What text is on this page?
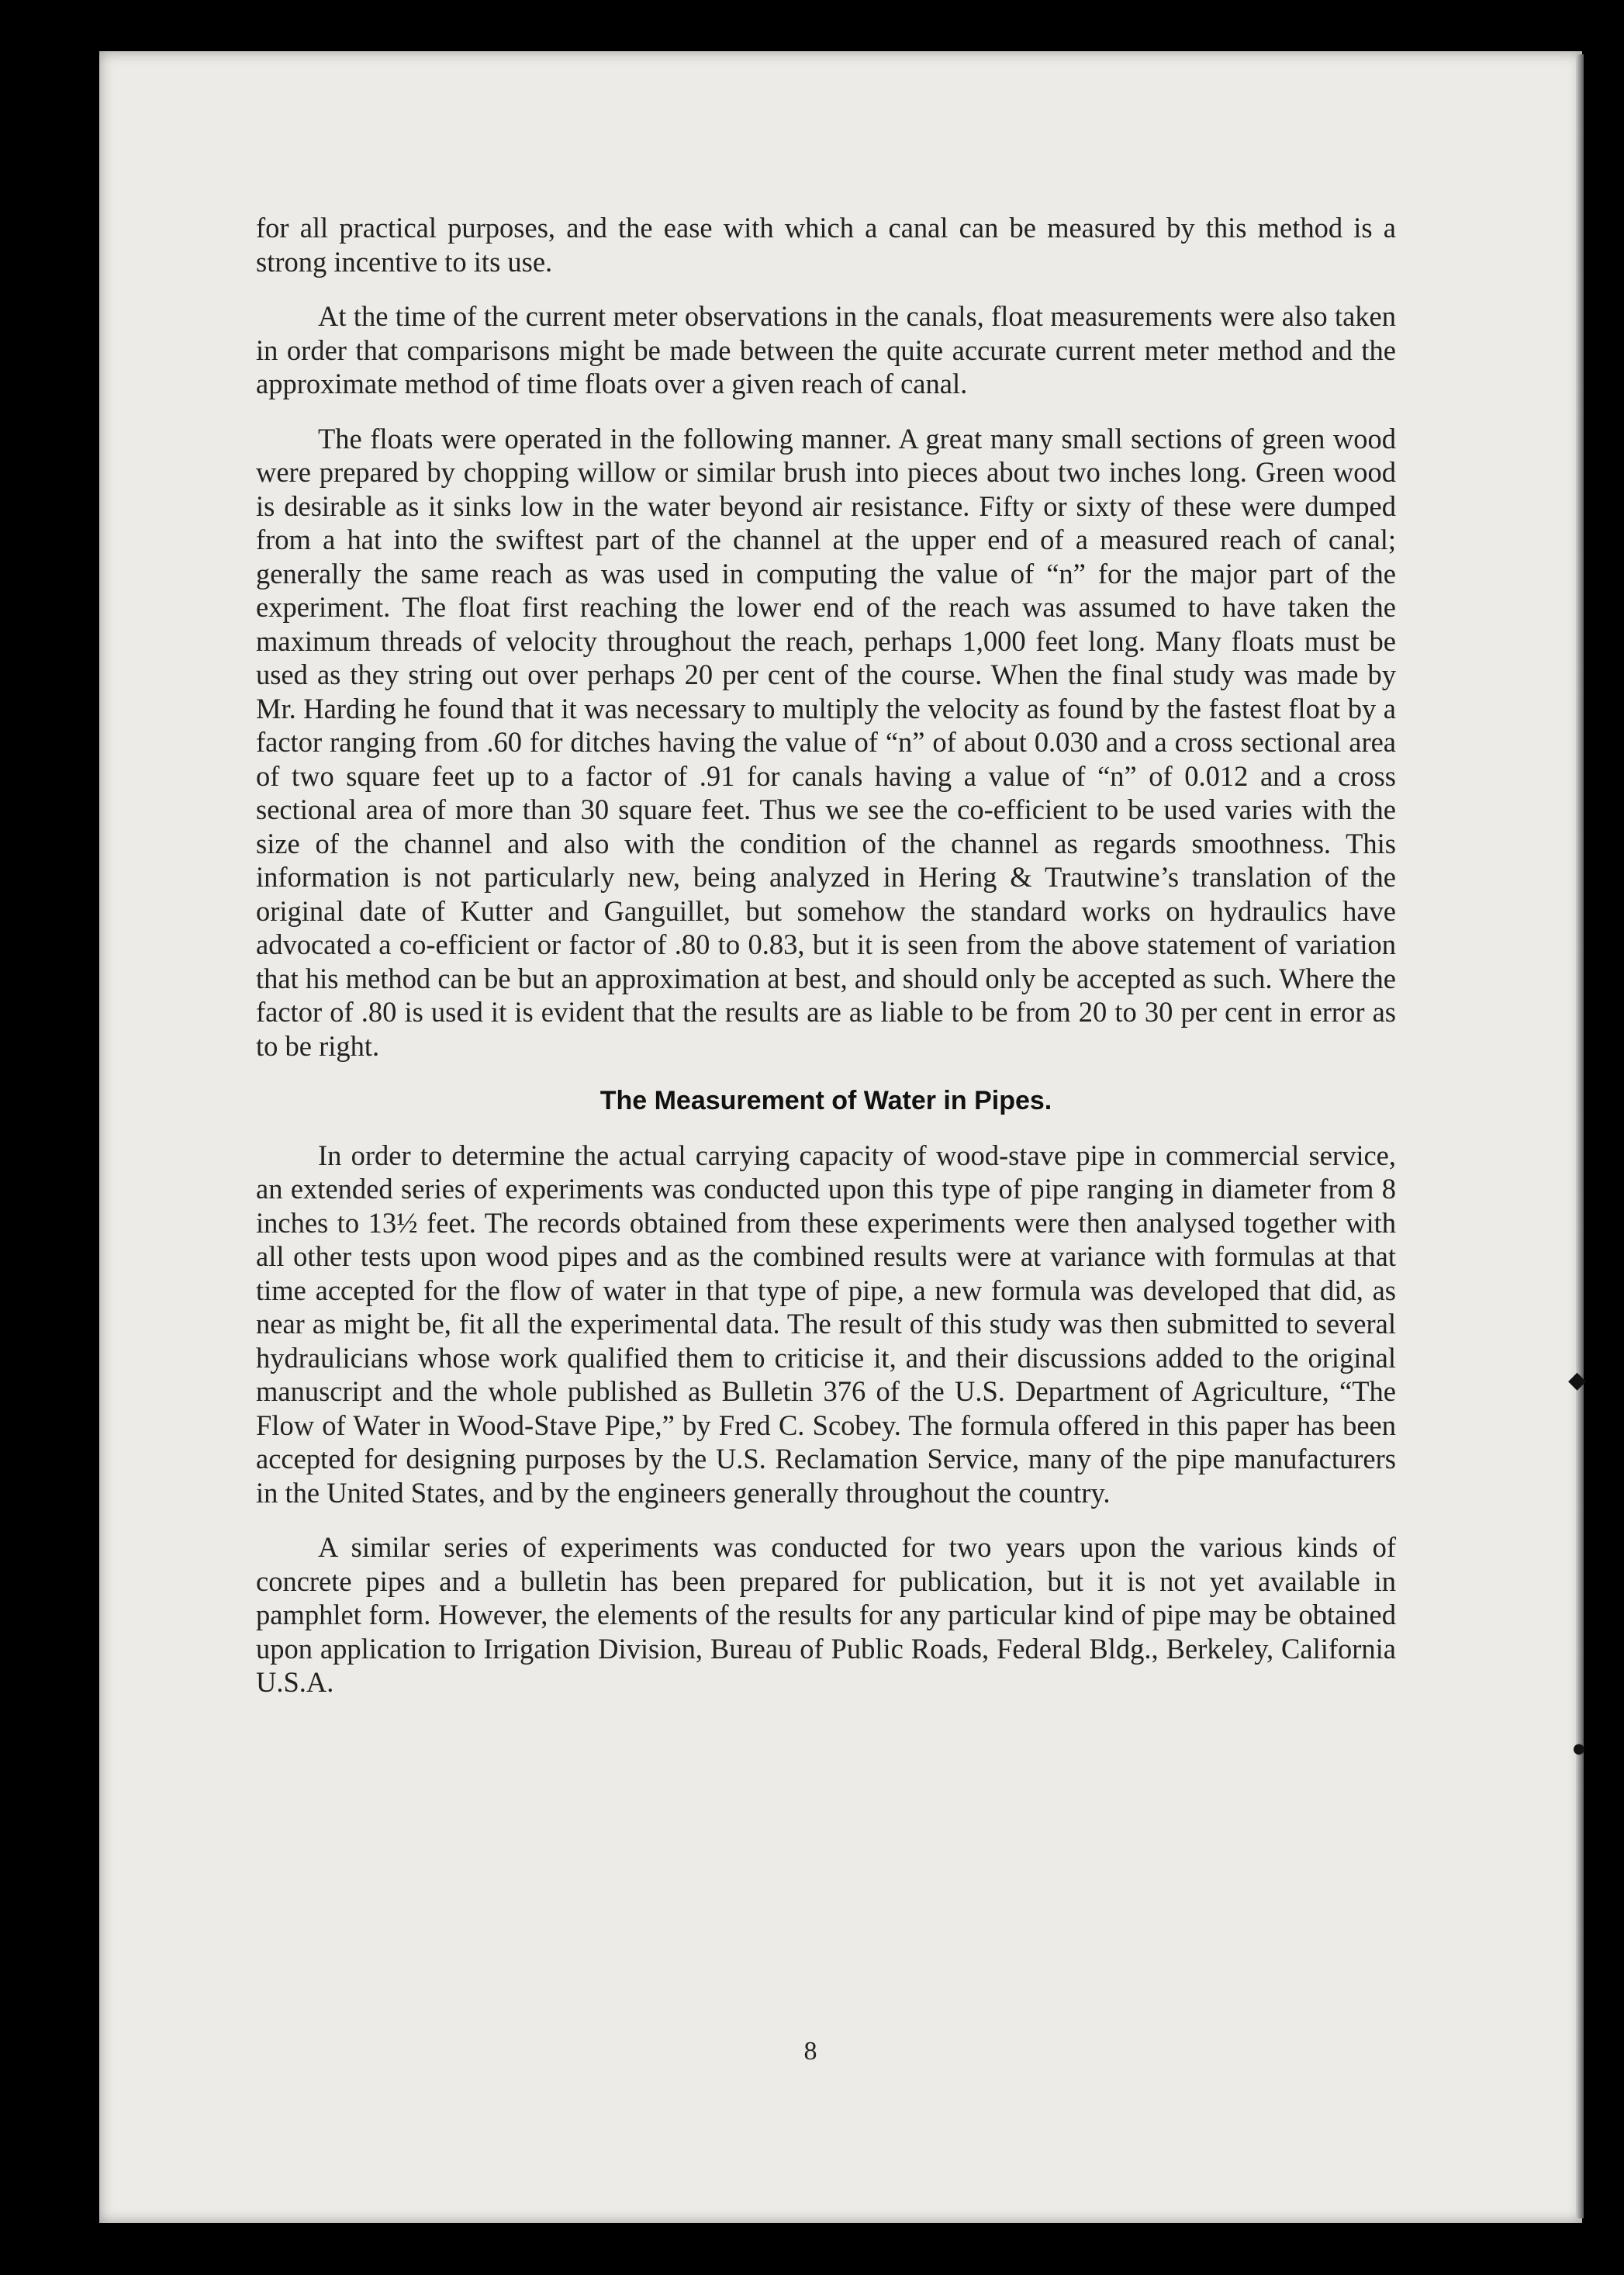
for all practical purposes, and the ease with which a canal can be measured by this method is a strong incentive to its use.

At the time of the current meter observations in the canals, float measurements were also taken in order that comparisons might be made between the quite accurate current meter method and the approximate method of time floats over a given reach of canal.

The floats were operated in the following manner. A great many small sections of green wood were prepared by chopping willow or similar brush into pieces about two inches long. Green wood is desirable as it sinks low in the water beyond air resistance. Fifty or sixty of these were dumped from a hat into the swiftest part of the channel at the upper end of a measured reach of canal; generally the same reach as was used in computing the value of “n” for the major part of the experiment. The float first reaching the lower end of the reach was assumed to have taken the maximum threads of velocity throughout the reach, perhaps 1,000 feet long. Many floats must be used as they string out over perhaps 20 per cent of the course. When the final study was made by Mr. Harding he found that it was necessary to multiply the velocity as found by the fastest float by a factor ranging from .60 for ditches having the value of “n” of about 0.030 and a cross sectional area of two square feet up to a factor of .91 for canals having a value of “n” of 0.012 and a cross sectional area of more than 30 square feet. Thus we see the co-efficient to be used varies with the size of the channel and also with the condition of the channel as regards smoothness. This information is not particularly new, being analyzed in Hering & Trautwine’s translation of the original date of Kutter and Ganguillet, but somehow the standard works on hydraulics have advocated a co-efficient or factor of .80 to 0.83, but it is seen from the above statement of variation that his method can be but an approximation at best, and should only be accepted as such. Where the factor of .80 is used it is evident that the results are as liable to be from 20 to 30 per cent in error as to be right.

The Measurement of Water in Pipes.

In order to determine the actual carrying capacity of wood-stave pipe in commercial service, an extended series of experiments was conducted upon this type of pipe ranging in diameter from 8 inches to 13½ feet. The records obtained from these experiments were then analysed together with all other tests upon wood pipes and as the combined results were at variance with formulas at that time accepted for the flow of water in that type of pipe, a new formula was developed that did, as near as might be, fit all the experimental data. The result of this study was then submitted to several hydraulicians whose work qualified them to criticise it, and their discussions added to the original manuscript and the whole published as Bulletin 376 of the U.S. Department of Agriculture, “The Flow of Water in Wood-Stave Pipe,” by Fred C. Scobey. The formula offered in this paper has been accepted for designing purposes by the U.S. Reclamation Service, many of the pipe manufacturers in the United States, and by the engineers generally throughout the country.

A similar series of experiments was conducted for two years upon the various kinds of concrete pipes and a bulletin has been prepared for publication, but it is not yet available in pamphlet form. However, the elements of the results for any particular kind of pipe may be obtained upon application to Irrigation Division, Bureau of Public Roads, Federal Bldg., Berkeley, California U.S.A.

8
◆
●
